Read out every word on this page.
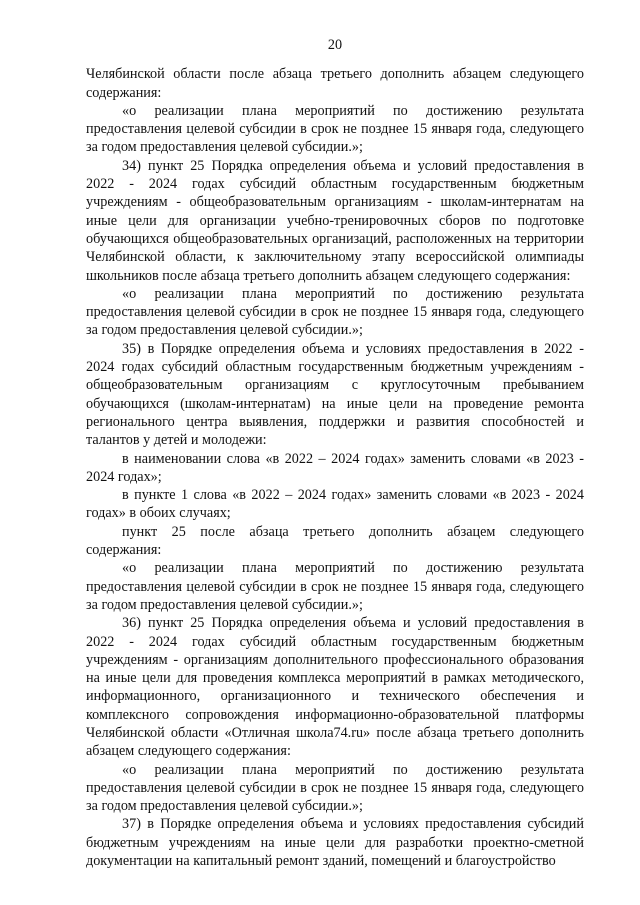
20

Челябинской области после абзаца третьего дополнить абзацем следующего содержания:

«о реализации плана мероприятий по достижению результата предоставления целевой субсидии в срок не позднее 15 января года, следующего за годом предоставления целевой субсидии.»;

34) пункт 25 Порядка определения объема и условий предоставления в 2022 - 2024 годах субсидий областным государственным бюджетным учреждениям - общеобразовательным организациям - школам-интернатам на иные цели для организации учебно-тренировочных сборов по подготовке обучающихся общеобразовательных организаций, расположенных на территории Челябинской области, к заключительному этапу всероссийской олимпиады школьников после абзаца третьего дополнить абзацем следующего содержания:

«о реализации плана мероприятий по достижению результата предоставления целевой субсидии в срок не позднее 15 января года, следующего за годом предоставления целевой субсидии.»;

35) в Порядке определения объема и условиях предоставления в 2022 - 2024 годах субсидий областным государственным бюджетным учреждениям - общеобразовательным организациям с круглосуточным пребыванием обучающихся (школам-интернатам) на иные цели на проведение ремонта регионального центра выявления, поддержки и развития способностей и талантов у детей и молодежи:

в наименовании слова «в 2022 – 2024 годах» заменить словами «в 2023 - 2024 годах»;

в пункте 1 слова «в 2022 – 2024 годах» заменить словами «в 2023 - 2024 годах» в обоих случаях;

пункт 25 после абзаца третьего дополнить абзацем следующего содержания:

«о реализации плана мероприятий по достижению результата предоставления целевой субсидии в срок не позднее 15 января года, следующего за годом предоставления целевой субсидии.»;

36) пункт 25 Порядка определения объема и условий предоставления в 2022 - 2024 годах субсидий областным государственным бюджетным учреждениям - организациям дополнительного профессионального образования на иные цели для проведения комплекса мероприятий в рамках методического, информационного, организационного и технического обеспечения и комплексного сопровождения информационно-образовательной платформы Челябинской области «Отличная школа74.ru» после абзаца третьего дополнить абзацем следующего содержания:

«о реализации плана мероприятий по достижению результата предоставления целевой субсидии в срок не позднее 15 января года, следующего за годом предоставления целевой субсидии.»;

37) в Порядке определения объема и условиях предоставления субсидий бюджетным учреждениям на иные цели для разработки проектно-сметной документации на капитальный ремонт зданий, помещений и благоустройство
